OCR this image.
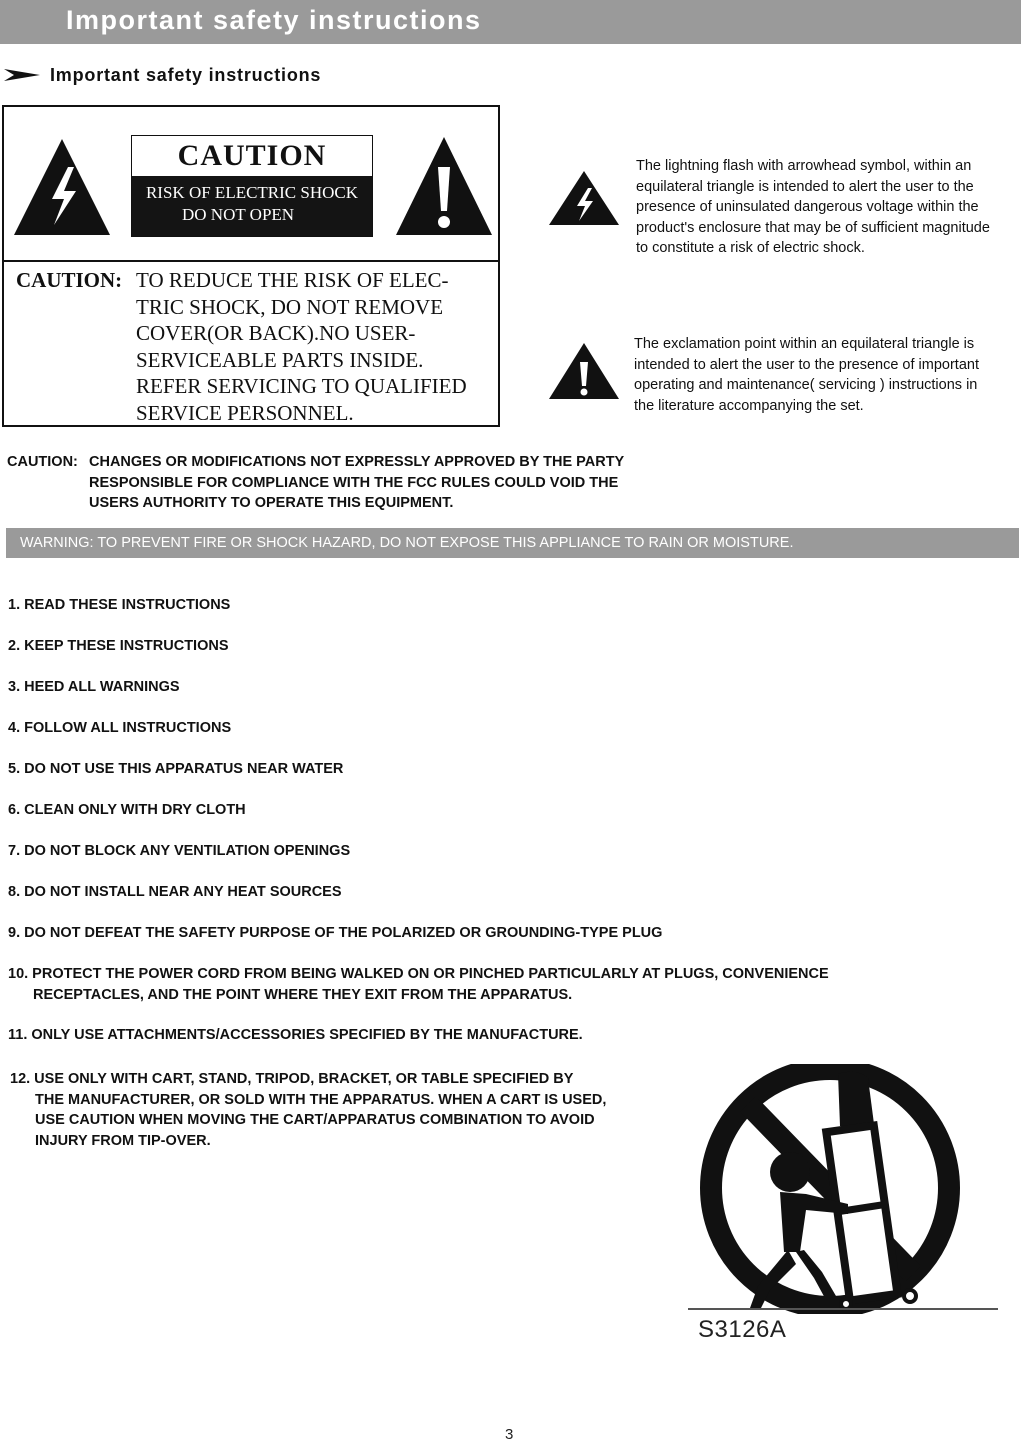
Important safety instructions
Important safety instructions
CAUTION
RISK OF ELECTRIC SHOCK
DO NOT OPEN
CAUTION: TO REDUCE THE RISK OF ELEC-
TRIC SHOCK, DO NOT REMOVE
COVER(OR BACK).NO USER-
SERVICEABLE PARTS INSIDE.
REFER SERVICING TO QUALIFIED
SERVICE PERSONNEL.
The lightning flash with arrowhead symbol, within an
equilateral triangle is intended to alert the user to the
presence of uninsulated dangerous voltage within the
product's enclosure that may be of sufficient magnitude
to constitute a risk of electric shock.
The exclamation point within an equilateral triangle is
intended to alert the user to the presence of important
operating and maintenance( servicing ) instructions in
the literature accompanying the set.
CAUTION: CHANGES OR MODIFICATIONS NOT EXPRESSLY APPROVED BY THE PARTY
RESPONSIBLE FOR COMPLIANCE WITH THE FCC RULES COULD VOID THE
USERS AUTHORITY TO OPERATE THIS EQUIPMENT.
WARNING: TO PREVENT FIRE OR SHOCK HAZARD, DO NOT EXPOSE THIS APPLIANCE TO RAIN OR MOISTURE.
1. READ THESE INSTRUCTIONS
2. KEEP THESE INSTRUCTIONS
3. HEED ALL WARNINGS
4. FOLLOW ALL INSTRUCTIONS
5. DO NOT USE THIS APPARATUS NEAR WATER
6. CLEAN ONLY WITH DRY CLOTH
7. DO NOT BLOCK ANY VENTILATION OPENINGS
8. DO NOT INSTALL NEAR ANY HEAT SOURCES
9. DO NOT DEFEAT THE SAFETY PURPOSE OF THE POLARIZED OR GROUNDING-TYPE PLUG
10. PROTECT THE POWER CORD FROM BEING WALKED ON OR PINCHED PARTICULARLY AT PLUGS, CONVENIENCE
RECEPTACLES, AND THE POINT WHERE THEY EXIT FROM THE APPARATUS.
11. ONLY USE ATTACHMENTS/ACCESSORIES SPECIFIED BY THE MANUFACTURE.
12. USE ONLY WITH CART, STAND, TRIPOD, BRACKET, OR TABLE SPECIFIED BY
THE MANUFACTURER, OR SOLD WITH THE APPARATUS. WHEN A CART IS USED,
USE CAUTION WHEN MOVING THE CART/APPARATUS COMBINATION TO AVOID
INJURY FROM TIP-OVER.
S3126A
3
